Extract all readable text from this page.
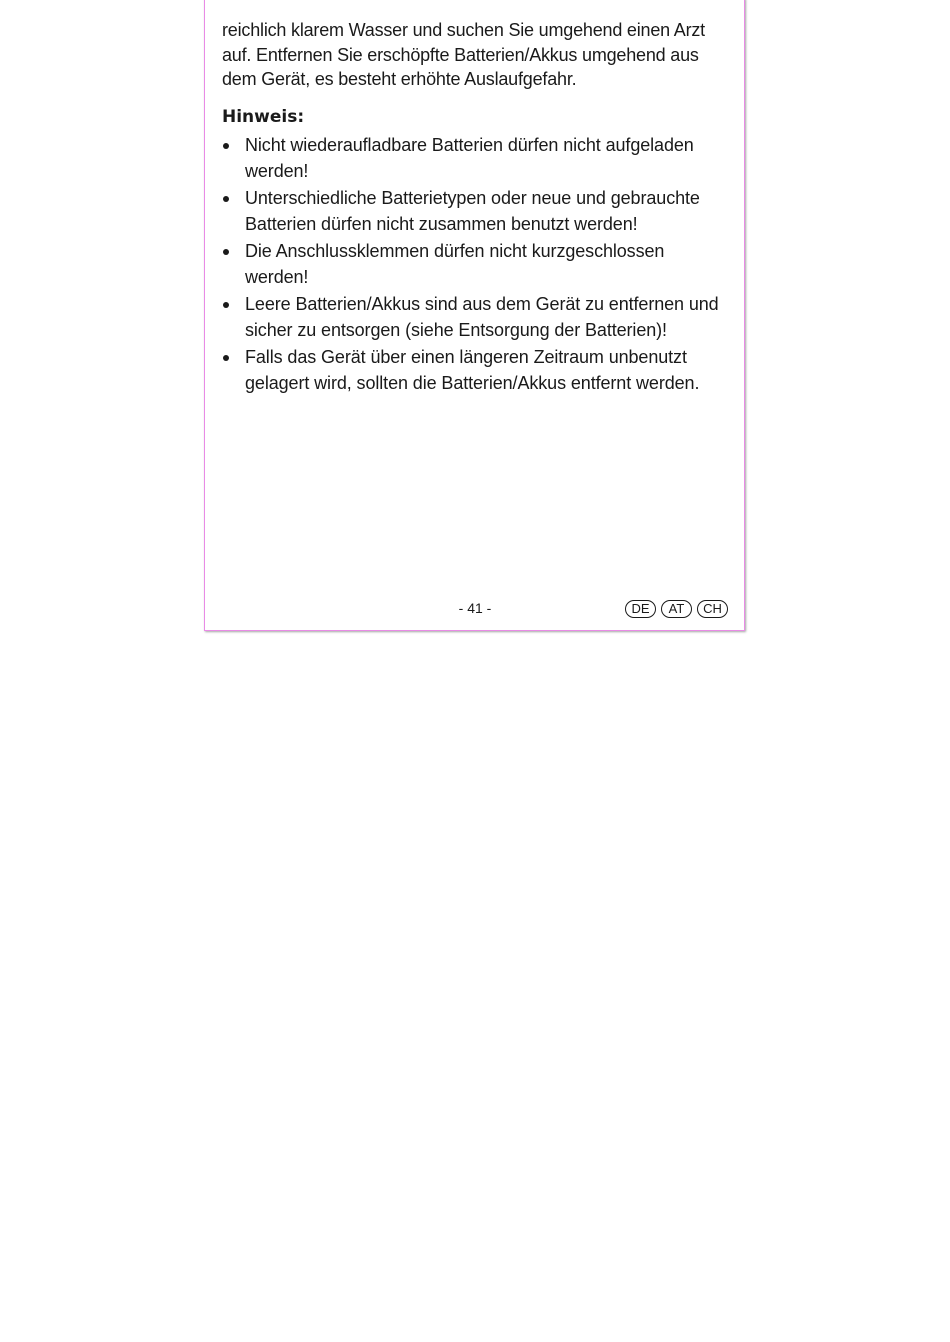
reichlich klarem Wasser und suchen Sie umgehend einen Arzt auf. Entfernen Sie erschöpfte Batterien/Akkus umgehend aus dem Gerät, es besteht erhöhte Auslaufgefahr.

Hinweis:
Nicht wiederaufladbare Batterien dürfen nicht aufgeladen werden!
Unterschiedliche Batterietypen oder neue und gebrauchte Batterien dürfen nicht zusammen benutzt werden!
Die Anschlussklemmen dürfen nicht kurzgeschlossen werden!
Leere Batterien/Akkus sind aus dem Gerät zu entfernen und sicher zu entsorgen (siehe Entsorgung der Batterien)!
Falls das Gerät über einen längeren Zeitraum unbenutzt gelagert wird, sollten die Batterien/Akkus entfernt werden.
- 41 -	DE	AT	CH
